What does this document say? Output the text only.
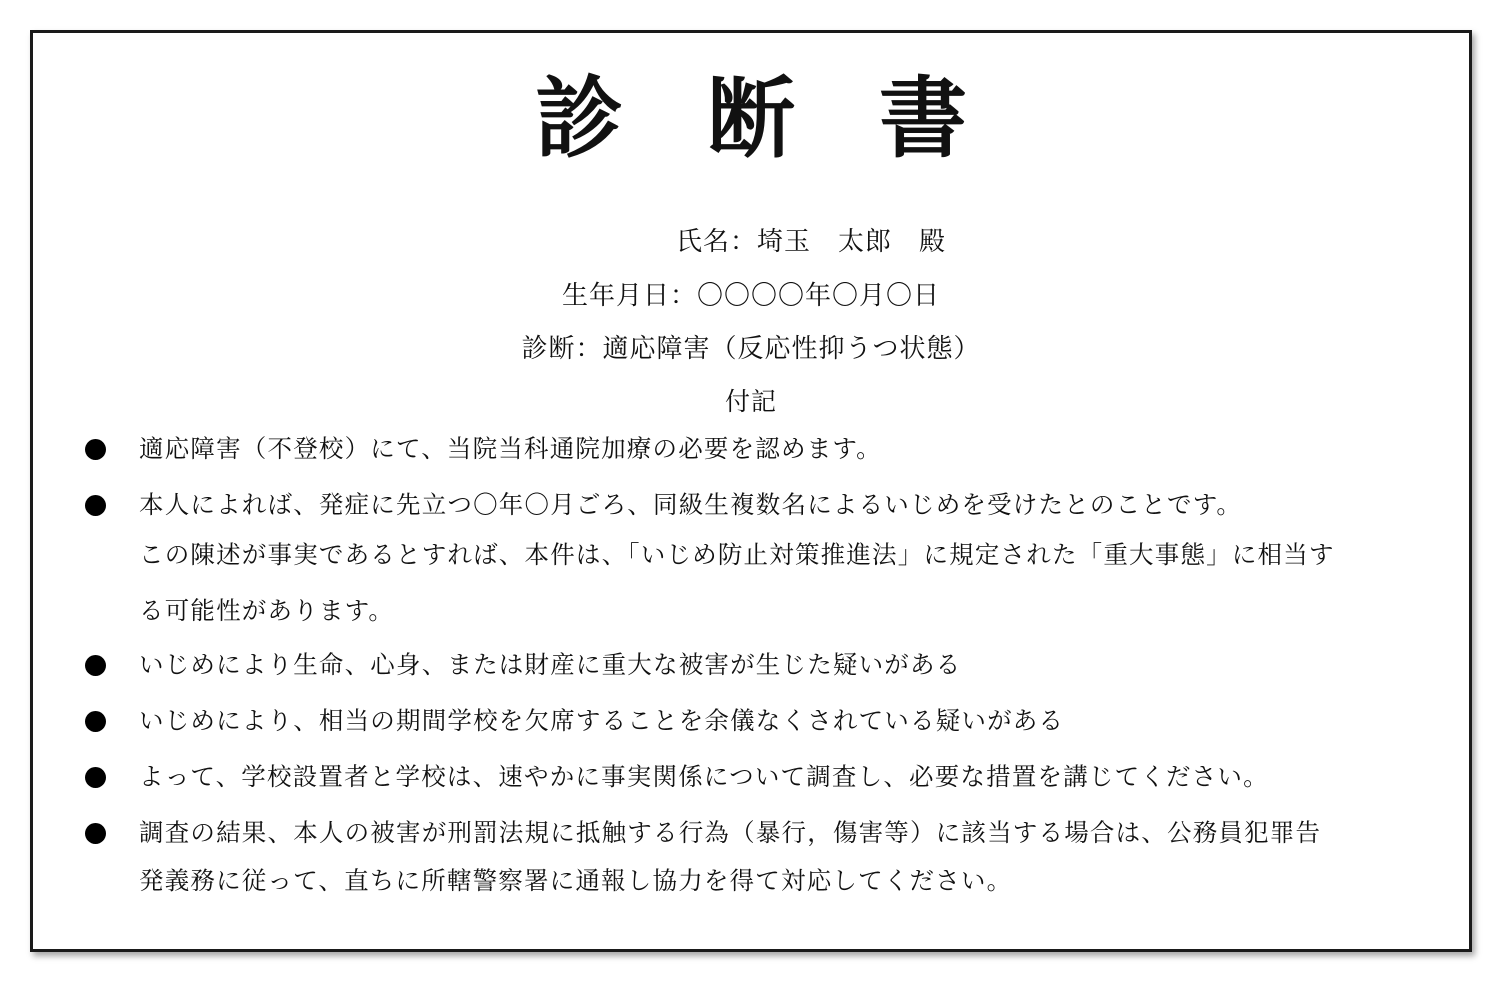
診 断 書
氏名：埼玉　太郎　殿
生年月日：〇〇〇〇年〇月〇日
診断：適応障害（反応性抑うつ状態）
付記
適応障害（不登校）にて、当院当科通院加療の必要を認めます。
本人によれば、発症に先立つ〇年〇月ごろ、同級生複数名によるいじめを受けたとのことです。
この陳述が事実であるとすれば、本件は、「いじめ防止対策推進法」に規定された「重大事態」に相当す
る可能性があります。
いじめにより生命、心身、または財産に重大な被害が生じた疑いがある
いじめにより、相当の期間学校を欠席することを余儀なくされている疑いがある
よって、学校設置者と学校は、速やかに事実関係について調査し、必要な措置を講じてください。
調査の結果、本人の被害が刑罰法規に抵触する行為（暴行，傷害等）に該当する場合は、公務員犯罪告
発義務に従って、直ちに所轄警察署に通報し協力を得て対応してください。
